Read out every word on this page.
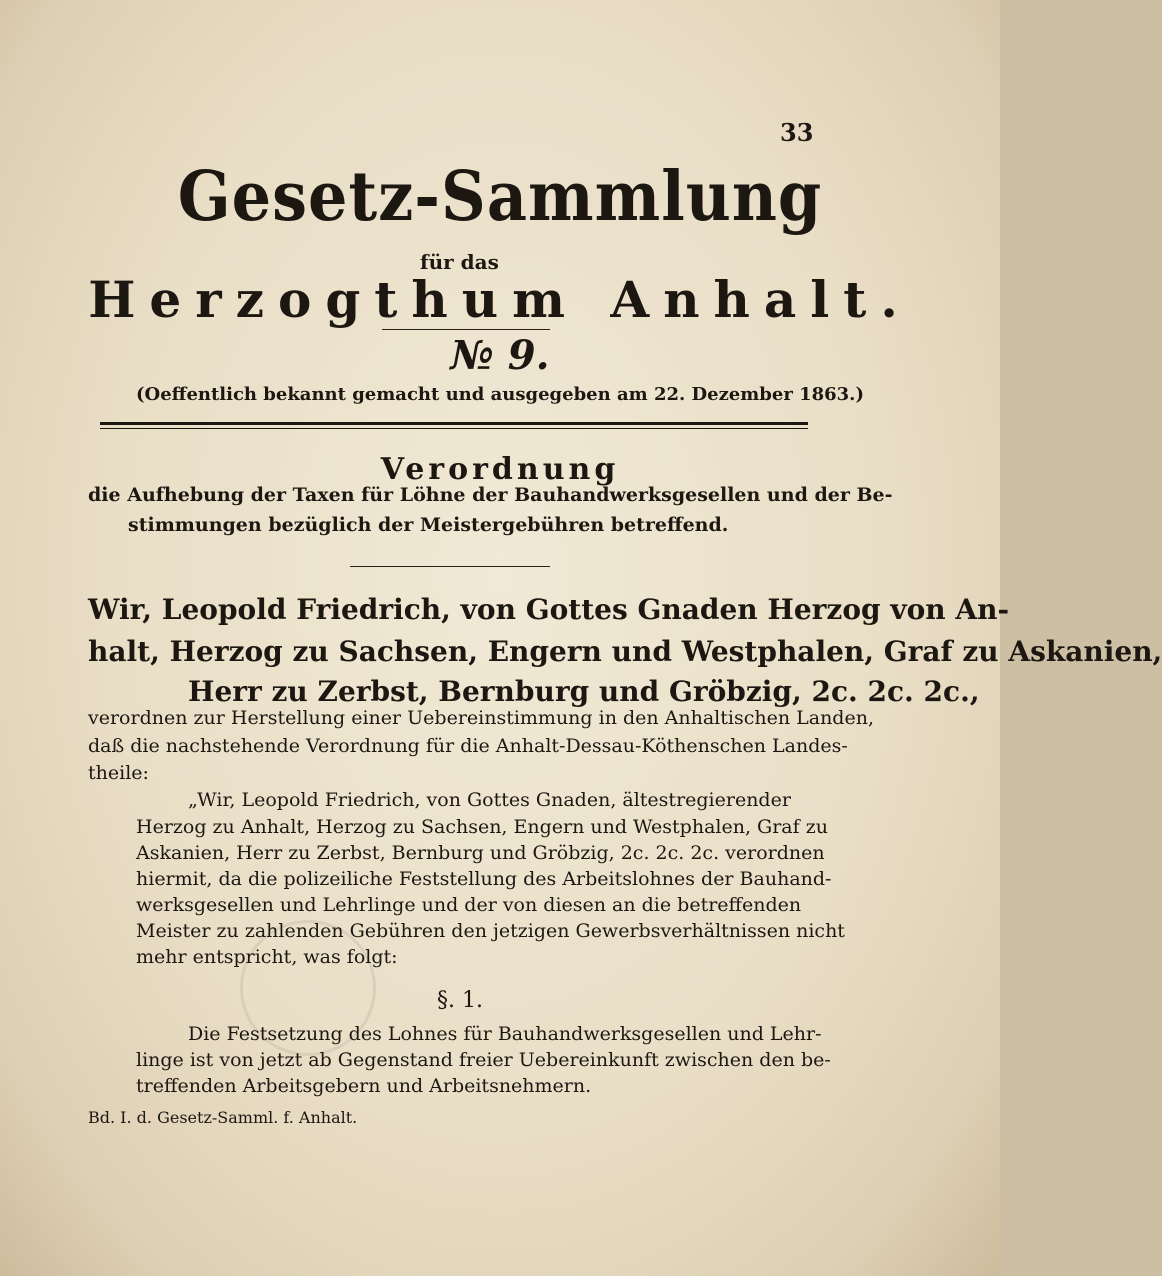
33
Gesetz-Sammlung
für das
Herzogthum Anhalt.
№ 9.
(Oeffentlich bekannt gemacht und ausgegeben am 22. Dezember 1863.)
Verordnung
die Aufhebung der Taxen für Löhne der Bauhandwerksgesellen und der Be-
stimmungen bezüglich der Meistergebühren betreffend.
Wir, Leopold Friedrich, von Gottes Gnaden Herzog von An-
halt, Herzog zu Sachsen, Engern und Westphalen, Graf zu Askanien,
Herr zu Zerbst, Bernburg und Gröbzig, 2c. 2c. 2c.,
verordnen zur Herstellung einer Uebereinstimmung in den Anhaltischen Landen,
daß die nachstehende Verordnung für die Anhalt-Dessau-Köthenschen Landes-
theile:
„Wir, Leopold Friedrich, von Gottes Gnaden, ältestregierender
Herzog zu Anhalt, Herzog zu Sachsen, Engern und Westphalen, Graf zu
Askanien, Herr zu Zerbst, Bernburg und Gröbzig, 2c. 2c. 2c. verordnen
hiermit, da die polizeiliche Feststellung des Arbeitslohnes der Bauhand-
werksgesellen und Lehrlinge und der von diesen an die betreffenden
Meister zu zahlenden Gebühren den jetzigen Gewerbsverhältnissen nicht
mehr entspricht, was folgt:
§. 1.
Die Festsetzung des Lohnes für Bauhandwerksgesellen und Lehr-
linge ist von jetzt ab Gegenstand freier Uebereinkunft zwischen den be-
treffenden Arbeitsgebern und Arbeitsnehmern.
Bd. I. d. Gesetz-Samml. f. Anhalt.
